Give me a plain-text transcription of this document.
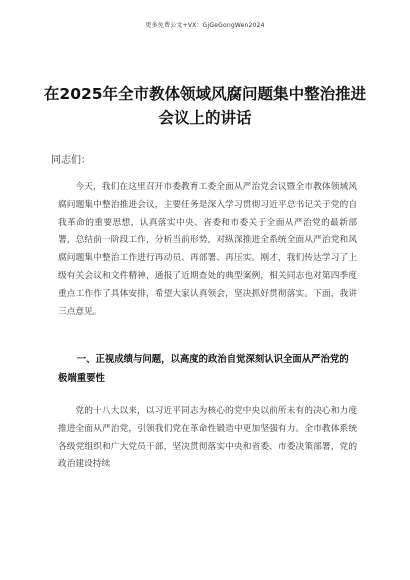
更多免费公文+VX：GjGeGongWen2024
在2025年全市教体领域风腐问题集中整治推进会议上的讲话
同志们：

今天，我们在这里召开市委教育工委全面从严治党会议暨全市教体领域风腐问题集中整治推进会议，主要任务是深入学习贯彻习近平总书记关于党的自我革命的重要思想，认真落实中央、省委和市委关于全面从严治党的最新部署，总结前一阶段工作，分析当前形势，对纵深推进全系统全面从严治党和风腐问题集中整治工作进行再动员、再部署、再压实。刚才，我们传达学习了上级有关会议和文件精神，通报了近期查处的典型案例，相关同志也对第四季度重点工作作了具体安排，希望大家认真领会，坚决抓好贯彻落实。下面，我讲三点意见。

一、正视成绩与问题，以高度的政治自觉深刻认识全面从严治党的极端重要性

党的十八大以来，以习近平同志为核心的党中央以前所未有的决心和力度推进全面从严治党，引领我们党在革命性锻造中更加坚强有力。全市教体系统各级党组织和广大党员干部，坚决贯彻落实中央和省委、市委决策部署，党的政治建设持续
